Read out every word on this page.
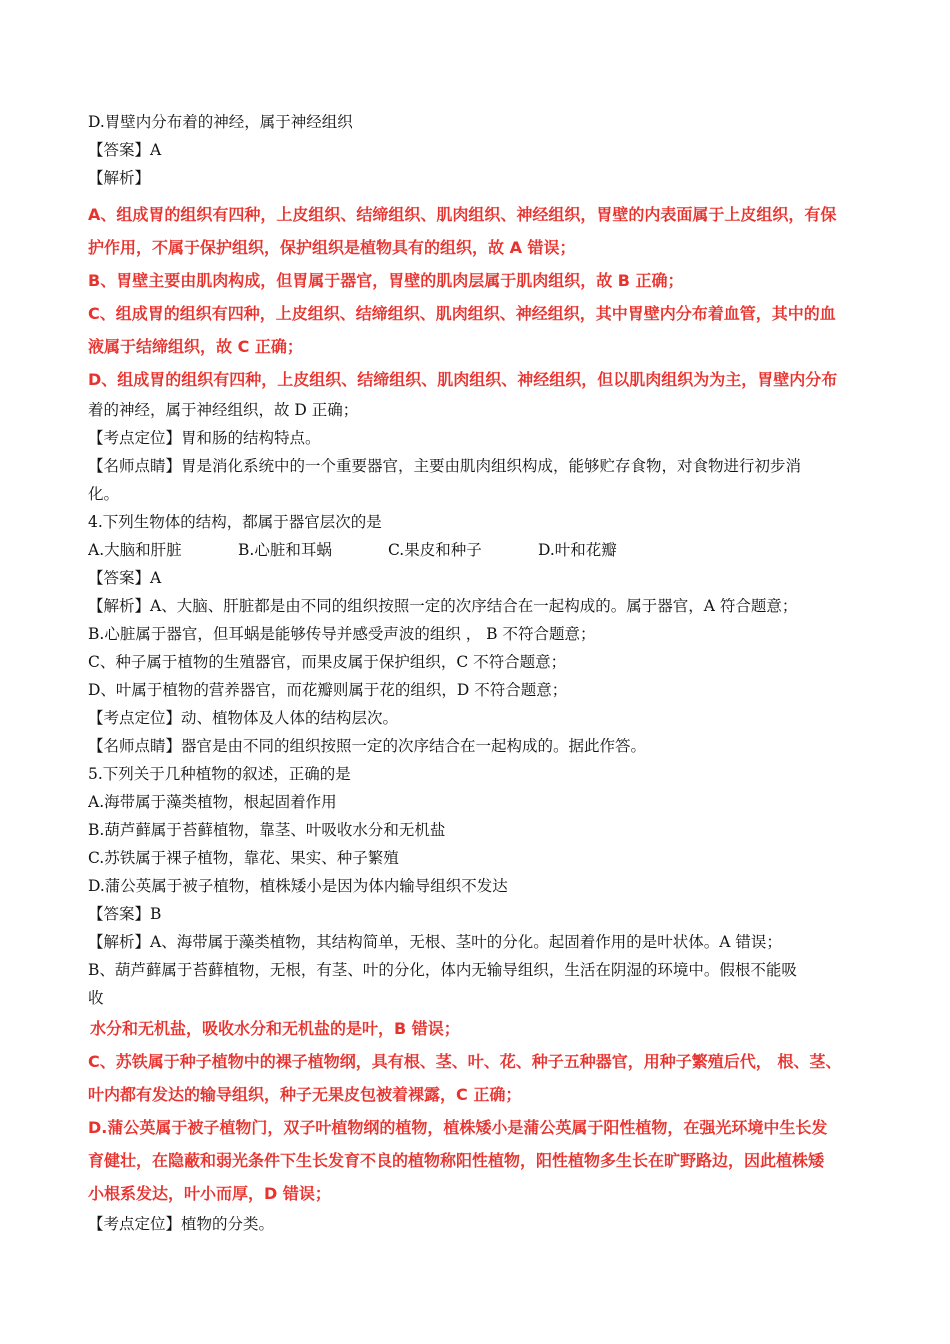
D.胃壁内分布着的神经，属于神经组织
【答案】A
【解析】
A、组成胃的组织有四种，上皮组织、结缔组织、肌肉组织、神经组织，胃壁的内表面属于上皮组织，有保
护作用，不属于保护组织，保护组织是植物具有的组织，故 A 错误；
B、胃壁主要由肌肉构成，但胃属于器官，胃壁的肌肉层属于肌肉组织，故 B 正确；
C、组成胃的组织有四种，上皮组织、结缔组织、肌肉组织、神经组织，其中胃壁内分布着血管，其中的血
液属于结缔组织，故 C 正确；
D、组成胃的组织有四种，上皮组织、结缔组织、肌肉组织、神经组织，但以肌肉组织为为主，胃壁内分布
着的神经，属于神经组织，故 D 正确；
【考点定位】胃和肠的结构特点。
【名师点睛】胃是消化系统中的一个重要器官，主要由肌肉组织构成，能够贮存食物，对食物进行初步消
化。
4.下列生物体的结构，都属于器官层次的是
A.大脑和肝脏	B.心脏和耳蜗	C.果皮和种子	D.叶和花瓣
【答案】A
【解析】A、大脑、肝脏都是由不同的组织按照一定的次序结合在一起构成的。属于器官，A 符合题意；
B.心脏属于器官，但耳蜗是能够传导并感受声波的组织 ， B 不符合题意；
C、种子属于植物的生殖器官，而果皮属于保护组织，C 不符合题意；
D、叶属于植物的营养器官，而花瓣则属于花的组织，D 不符合题意；
【考点定位】动、植物体及人体的结构层次。
【名师点睛】器官是由不同的组织按照一定的次序结合在一起构成的。据此作答。
5.下列关于几种植物的叙述，正确的是
A.海带属于藻类植物，根起固着作用
B.葫芦藓属于苔藓植物，靠茎、叶吸收水分和无机盐
C.苏铁属于裸子植物，靠花、果实、种子繁殖
D.蒲公英属于被子植物，植株矮小是因为体内输导组织不发达
【答案】B
【解析】A、海带属于藻类植物，其结构简单，无根、茎叶的分化。起固着作用的是叶状体。A 错误；
B、葫芦藓属于苔藓植物，无根，有茎、叶的分化，体内无输导组织，生活在阴湿的环境中。假根不能吸
收
水分和无机盐，吸收水分和无机盐的是叶，B 错误；
C、苏铁属于种子植物中的裸子植物纲，具有根、茎、叶、花、种子五种器官，用种子繁殖后代， 根、茎、
叶内都有发达的输导组织，种子无果皮包被着裸露，C 正确；
D.蒲公英属于被子植物门，双子叶植物纲的植物，植株矮小是蒲公英属于阳性植物，在强光环境中生长发
育健壮，在隐蔽和弱光条件下生长发育不良的植物称阳性植物，阳性植物多生长在旷野路边，因此植株矮
小根系发达，叶小而厚，D 错误；
【考点定位】植物的分类。
